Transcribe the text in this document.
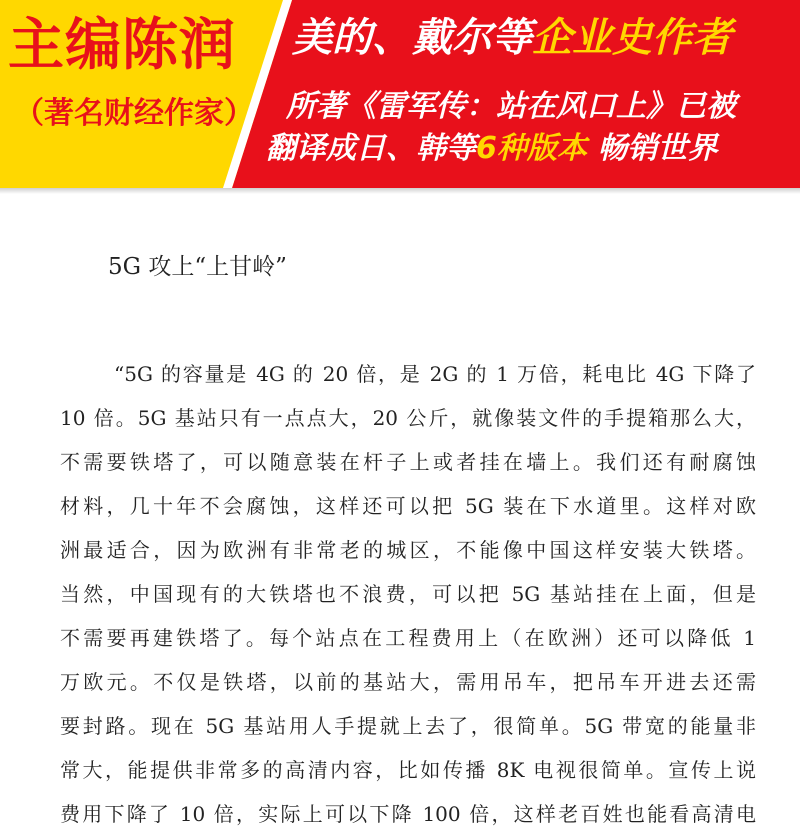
主编陈润
（著名财经作家）
美的、戴尔等企业史作者
所著《雷军传：站在风口上》已被
翻译成日、韩等6种版本 畅销世界
5G 攻上“上甘岭”
“5G 的容量是 4G 的 20 倍，是 2G 的 1 万倍，耗电比 4G 下降了
10 倍。5G 基站只有一点点大，20 公斤，就像装文件的手提箱那么大，
不需要铁塔了，可以随意装在杆子上或者挂在墙上。我们还有耐腐蚀
材料，几十年不会腐蚀，这样还可以把 5G 装在下水道里。这样对欧
洲最适合，因为欧洲有非常老的城区，不能像中国这样安装大铁塔。
当然，中国现有的大铁塔也不浪费，可以把 5G 基站挂在上面，但是
不需要再建铁塔了。每个站点在工程费用上（在欧洲）还可以降低 1
万欧元。不仅是铁塔，以前的基站大，需用吊车，把吊车开进去还需
要封路。现在 5G 基站用人手提就上去了，很简单。5G 带宽的能量非
常大，能提供非常多的高清内容，比如传播 8K 电视很简单。宣传上说
费用下降了 10 倍，实际上可以下降 100 倍，这样老百姓也能看高清电
